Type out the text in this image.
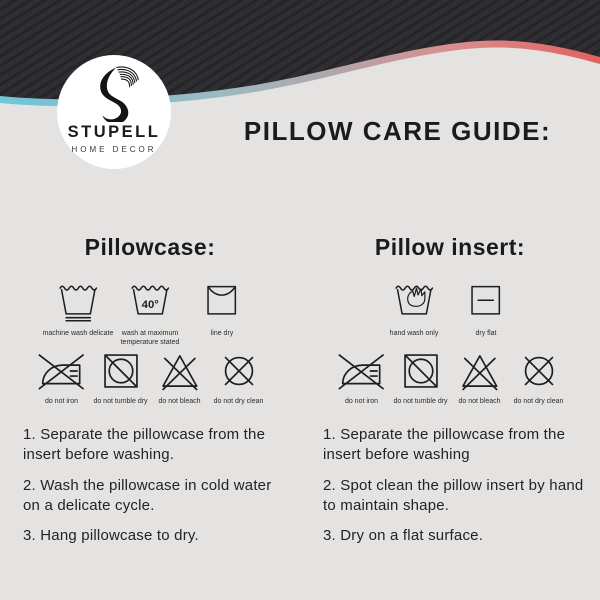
STUPELL
HOME DECOR
PILLOW CARE GUIDE:
Pillowcase:
machine wash delicate
40°
wash at maximum temperature stated
line dry
do not iron do not tumble dry do not bleach do not dry clean

1. Separate the pillowcase from the insert before washing.

2. Wash the pillowcase in cold water on a delicate cycle.

3. Hang pillowcase to dry.

Pillow insert:
hand wash only	dry flat
do not iron do not tumble dry do not bleach do not dry clean

1. Separate the pillowcase from the insert before washing

2. Spot clean the pillow insert by hand to maintain shape.

3. Dry on a flat surface.
